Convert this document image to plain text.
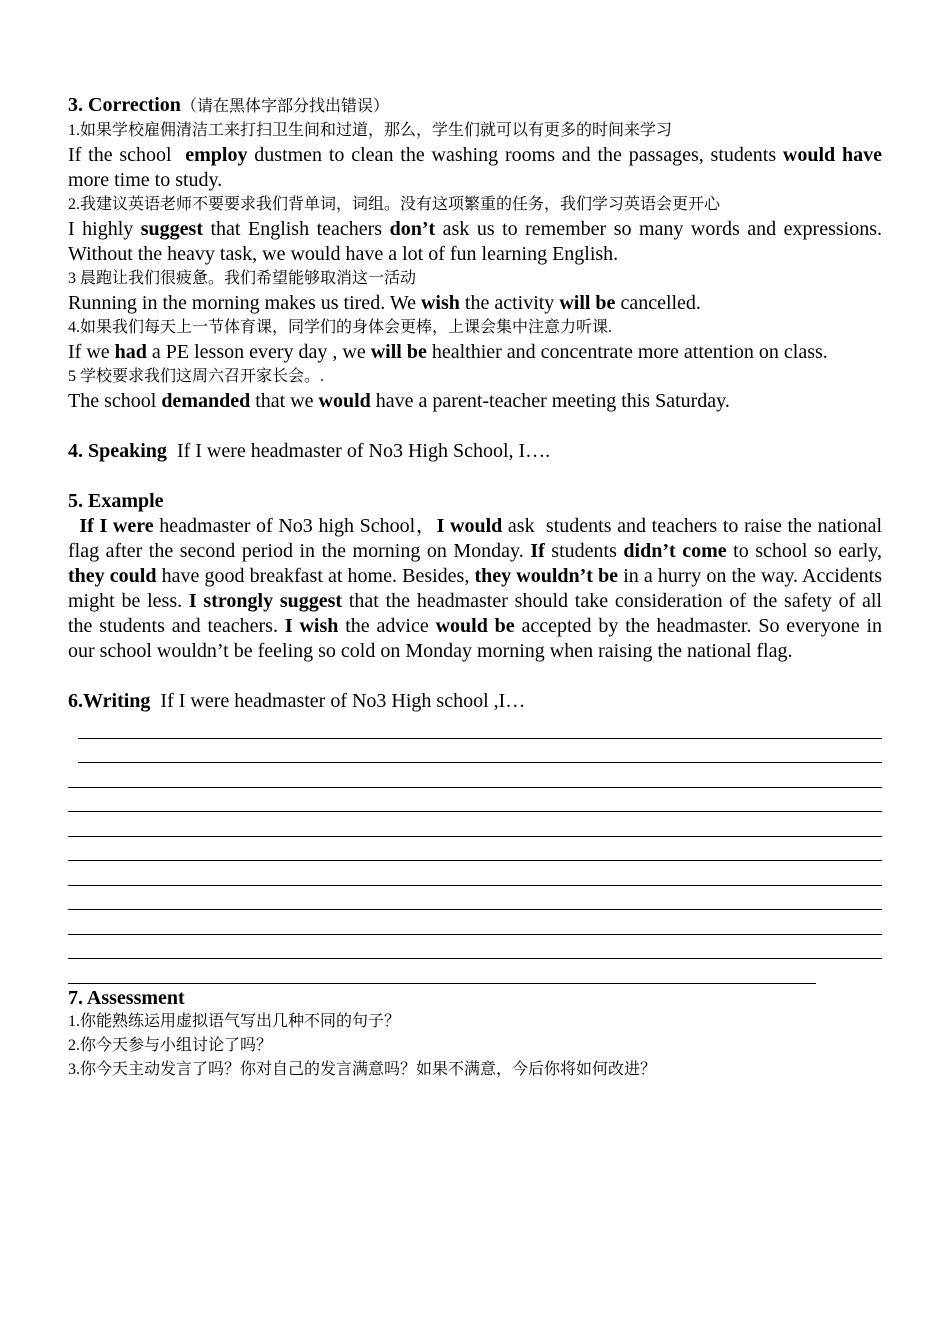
3. Correction（请在黑体字部分找出错误）
1.如果学校雇佣清洁工来打扫卫生间和过道，那么，学生们就可以有更多的时间来学习
If the school  employ dustmen to clean the washing rooms and the passages, students would have more time to study.
2.我建议英语老师不要要求我们背单词，词组。没有这项繁重的任务，我们学习英语会更开心
I highly suggest that English teachers don’t ask us to remember so many words and expressions. Without the heavy task, we would have a lot of fun learning English.
3 晨跑让我们很疲惫。我们希望能够取消这一活动
Running in the morning makes us tired. We wish the activity will be cancelled.
4.如果我们每天上一节体育课，同学们的身体会更棒，上课会集中注意力听课.
If we had a PE lesson every day , we will be healthier and concentrate more attention on class.
5 学校要求我们这周六召开家长会。.
The school demanded that we would have a parent-teacher meeting this Saturday.
4. Speaking  If I were headmaster of No3 High School, I….
5. Example
If I were headmaster of No3 high School，I would ask  students and teachers to raise the national flag after the second period in the morning on Monday. If students didn’t come to school so early, they could have good breakfast at home. Besides, they wouldn’t be in a hurry on the way. Accidents might be less. I strongly suggest that the headmaster should take consideration of the safety of all the students and teachers. I wish the advice would be accepted by the headmaster. So everyone in our school wouldn’t be feeling so cold on Monday morning when raising the national flag.
6.Writing  If I were headmaster of No3 High school ,I…
7. Assessment
1.你能熟练运用虚拟语气写出几种不同的句子？
2.你今天参与小组讨论了吗？
3.你今天主动发言了吗？你对自己的发言满意吗？如果不满意，今后你将如何改进？
